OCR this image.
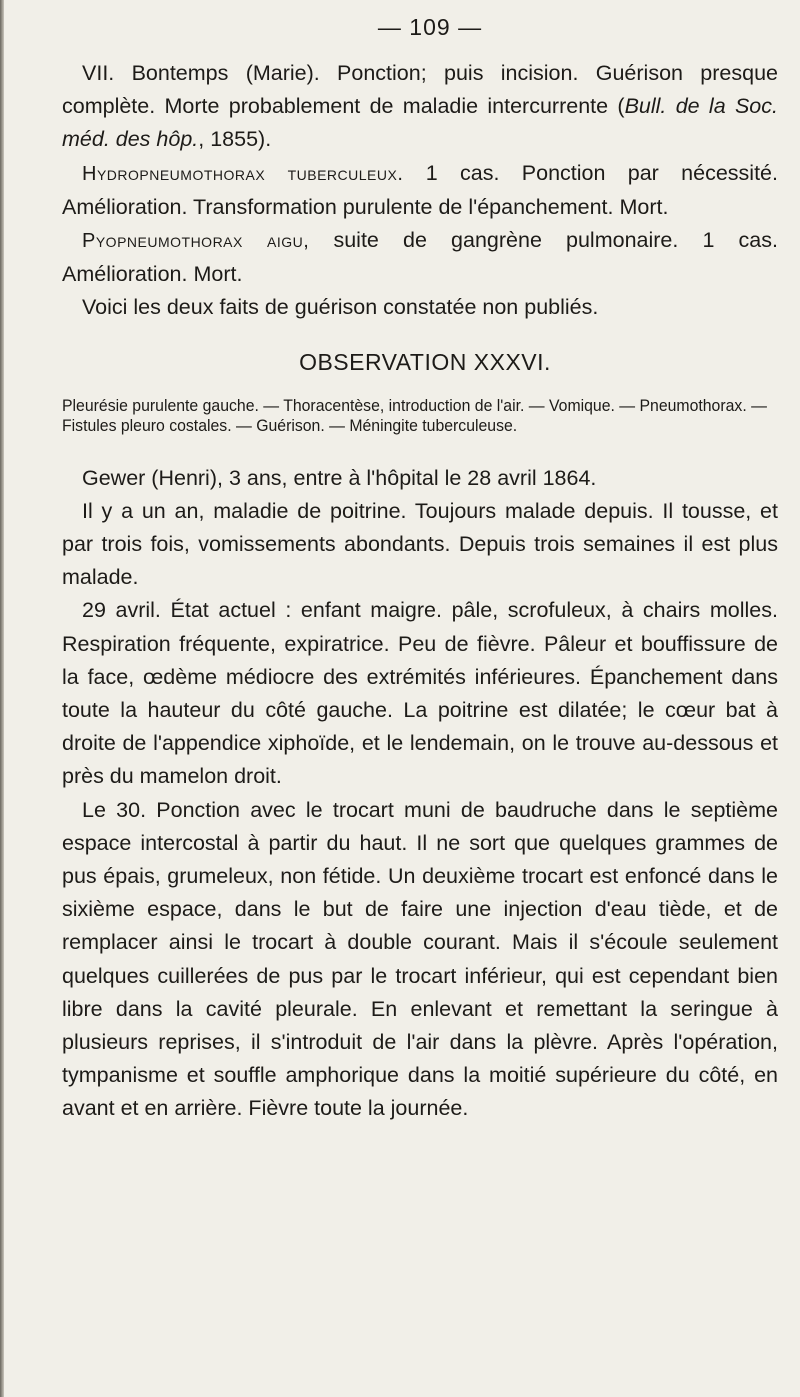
— 109 —

VII. Bontemps (Marie). Ponction; puis incision. Guérison presque complète. Morte probablement de maladie intercurrente (Bull. de la Soc. méd. des hôp., 1855).

Hydropneumothorax tuberculeux. 1 cas. Ponction par nécessité. Amélioration. Transformation purulente de l'épanchement. Mort.

Pyopneumothorax aigu, suite de gangrène pulmonaire. 1 cas. Amélioration. Mort.

Voici les deux faits de guérison constatée non publiés.

OBSERVATION XXXVI.

Pleurésie purulente gauche. — Thoracentèse, introduction de l'air. — Vomique. — Pneumothorax. — Fistules pleuro costales. — Guérison. — Méningite tuberculeuse.

Gewer (Henri), 3 ans, entre à l'hôpital le 28 avril 1864.

Il y a un an, maladie de poitrine. Toujours malade depuis. Il tousse, et par trois fois, vomissements abondants. Depuis trois semaines il est plus malade.

29 avril. État actuel : enfant maigre. pâle, scrofuleux, à chairs molles. Respiration fréquente, expiratrice. Peu de fièvre. Pâleur et bouffissure de la face, œdème médiocre des extrémités inférieures. Épanchement dans toute la hauteur du côté gauche. La poitrine est dilatée; le cœur bat à droite de l'appendice xiphoïde, et le lendemain, on le trouve au-dessous et près du mamelon droit.

Le 30. Ponction avec le trocart muni de baudruche dans le septième espace intercostal à partir du haut. Il ne sort que quelques grammes de pus épais, grumeleux, non fétide. Un deuxième trocart est enfoncé dans le sixième espace, dans le but de faire une injection d'eau tiède, et de remplacer ainsi le trocart à double courant. Mais il s'écoule seulement quelques cuillerées de pus par le trocart inférieur, qui est cependant bien libre dans la cavité pleurale. En enlevant et remettant la seringue à plusieurs reprises, il s'introduit de l'air dans la plèvre. Après l'opération, tympanisme et souffle amphorique dans la moitié supérieure du côté, en avant et en arrière. Fièvre toute la journée.
